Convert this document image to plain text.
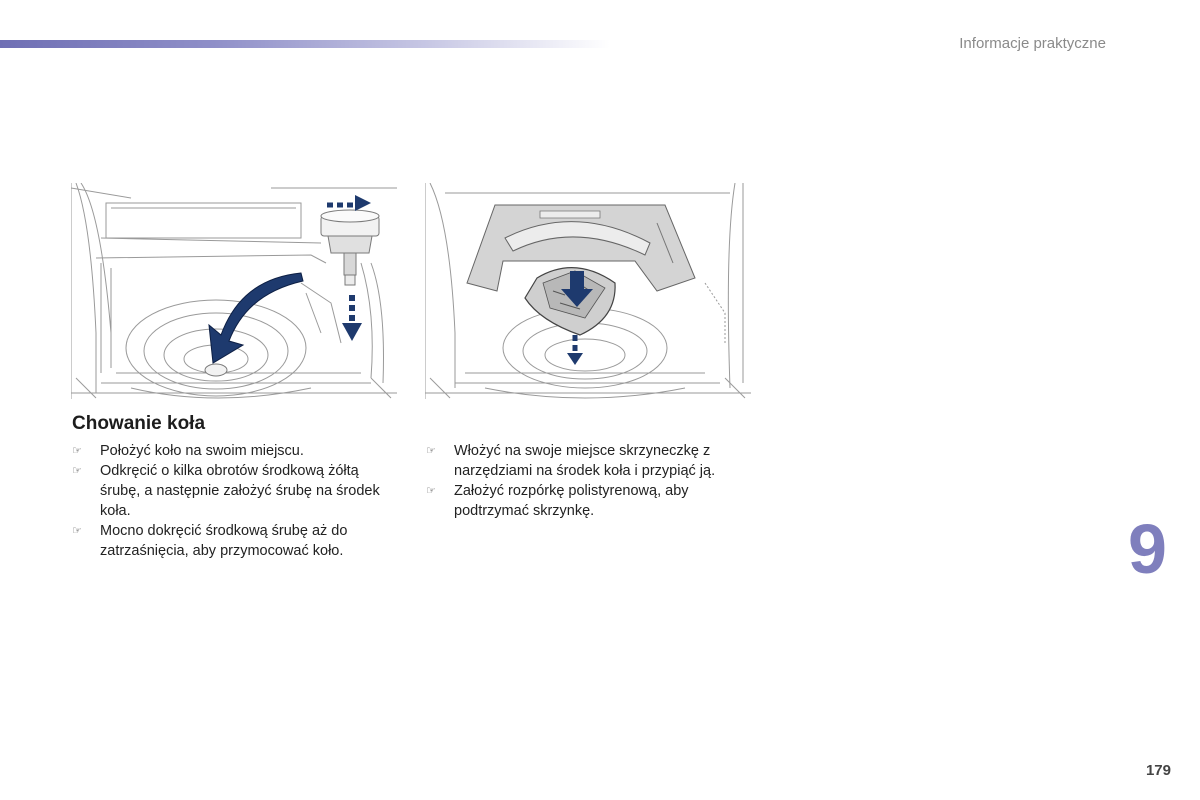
Informacje praktyczne
Chowanie koła
☞ Położyć koło na swoim miejscu.
☞ Odkręcić o kilka obrotów środkową żółtą śrubę, a następnie założyć śrubę na środek koła.
☞ Mocno dokręcić środkową śrubę aż do zatrzaśnięcia, aby przymocować koło.
☞ Włożyć na swoje miejsce skrzyneczkę z narzędziami na środek koła i przypiąć ją.
☞ Założyć rozpórkę polistyrenową, aby podtrzymać skrzynkę.	9
179
